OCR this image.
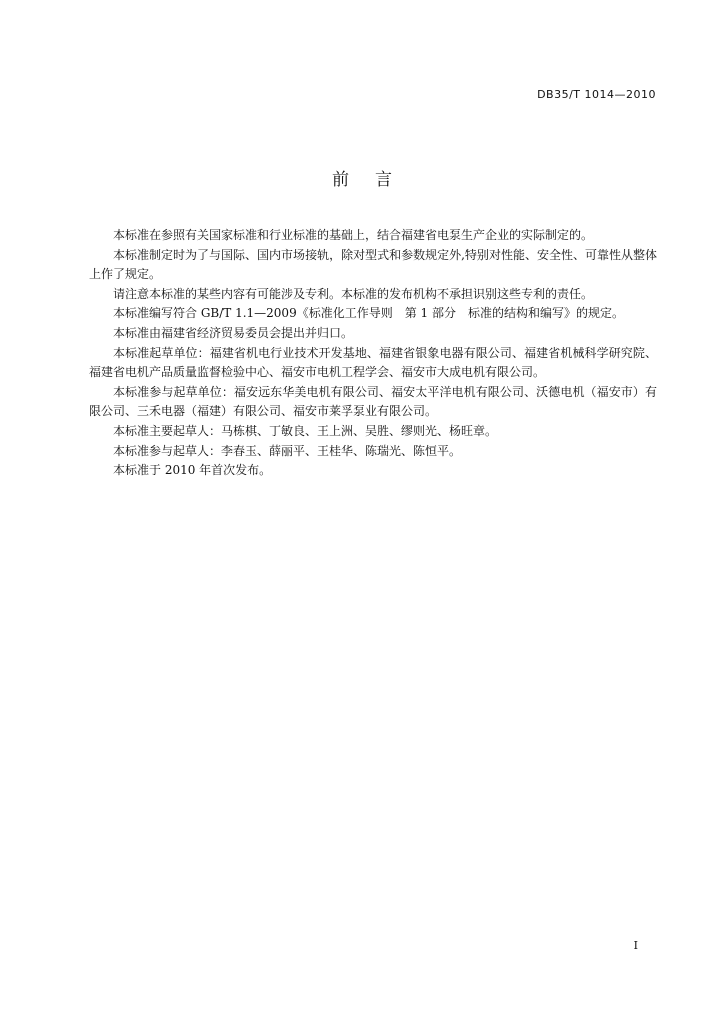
DB35/T 1014—2010
前 言

本标准在参照有关国家标准和行业标准的基础上，结合福建省电泵生产企业的实际制定的。

本标准制定时为了与国际、国内市场接轨，除对型式和参数规定外,特别对性能、安全性、可靠性从整体上作了规定。

请注意本标准的某些内容有可能涉及专利。本标准的发布机构不承担识别这些专利的责任。

本标准编写符合 GB/T 1.1—2009《标准化工作导则　第 1 部分　标准的结构和编写》的规定。

本标准由福建省经济贸易委员会提出并归口。

本标准起草单位：福建省机电行业技术开发基地、福建省银象电器有限公司、福建省机械科学研究院、福建省电机产品质量监督检验中心、福安市电机工程学会、福安市大成电机有限公司。

本标准参与起草单位：福安远东华美电机有限公司、福安太平洋电机有限公司、沃德电机（福安市）有限公司、三禾电器（福建）有限公司、福安市莱孚泵业有限公司。

本标准主要起草人：马栋棋、丁敏良、王上洲、吴胜、缪则光、杨旺章。

本标准参与起草人：李春玉、薛丽平、王桂华、陈瑞光、陈恒平。

本标准于 2010 年首次发布。

I
